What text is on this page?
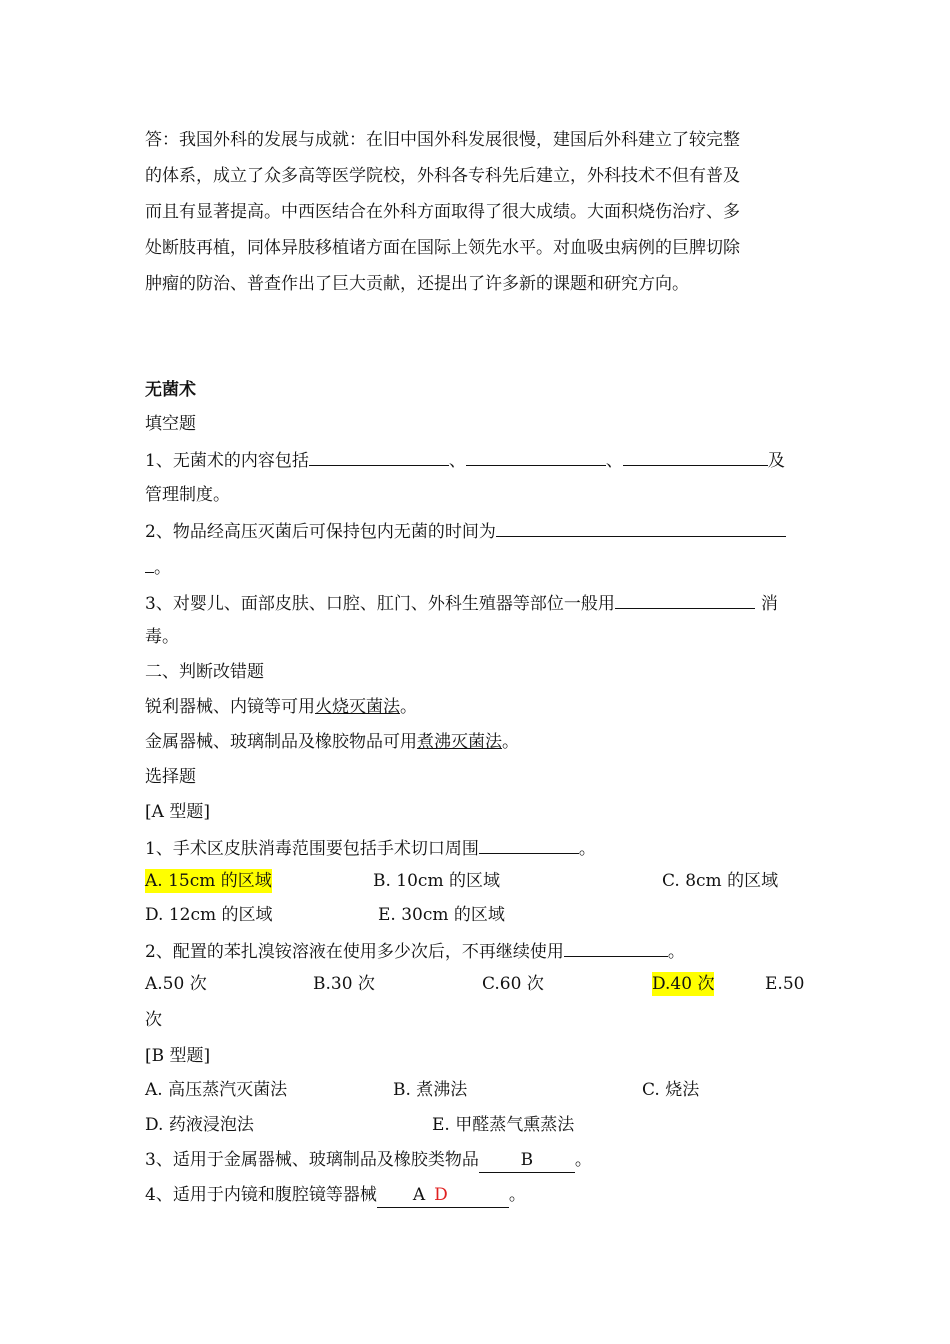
答：我国外科的发展与成就：在旧中国外科发展很慢，建国后外科建立了较完整
的体系，成立了众多高等医学院校，外科各专科先后建立，外科技术不但有普及
而且有显著提高。中西医结合在外科方面取得了很大成绩。大面积烧伤治疗、多
处断肢再植，同体异肢移植诸方面在国际上领先水平。对血吸虫病例的巨脾切除
肿瘤的防治、普查作出了巨大贡献，还提出了许多新的课题和研究方向。
无菌术
填空题
1、无菌术的内容包括	、	、	及
管理制度。
2、物品经高压灭菌后可保持包内无菌的时间为
。
3、对婴儿、面部皮肤、口腔、肛门、外科生殖器等部位一般用	消
毒。
二、判断改错题
锐利器械、内镜等可用火烧灭菌法。
金属器械、玻璃制品及橡胶物品可用煮沸灭菌法。
选择题
[A 型题]
1、手术区皮肤消毒范围要包括手术切口周围	。
A. 15cm 的区域	B. 10cm 的区域	C. 8cm 的区域
D. 12cm 的区域	E. 30cm 的区域
2、配置的苯扎溴铵溶液在使用多少次后，不再继续使用	。
A.50 次	B.30 次	C.60 次	D.40 次	E.50
次
[B 型题]
A. 高压蒸汽灭菌法	B. 煮沸法	C. 烧法
D. 药液浸泡法	E. 甲醛蒸气熏蒸法
3、适用于金属器械、玻璃制品及橡胶类物品 B 。
4、适用于内镜和腹腔镜等器械 A D	。
